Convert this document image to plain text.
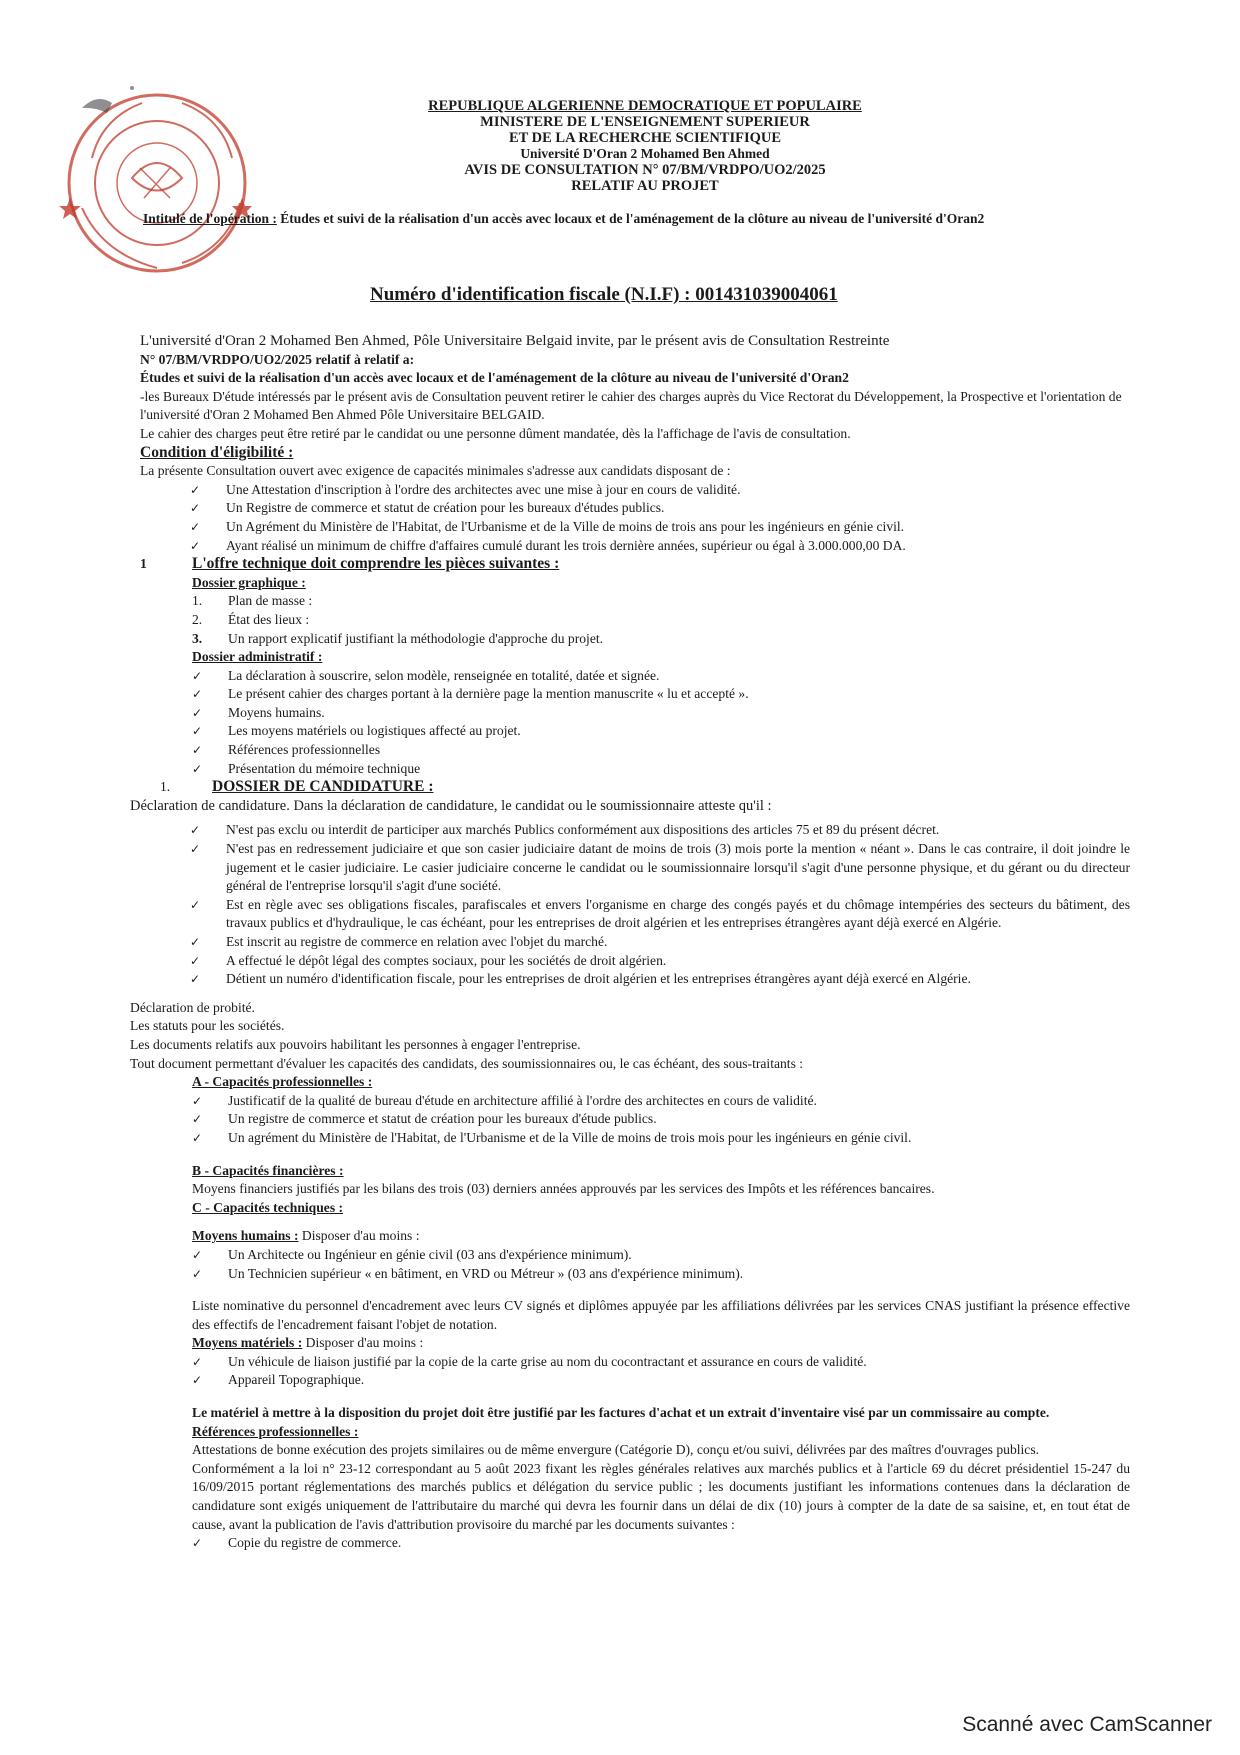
REPUBLIQUE ALGERIENNE DEMOCRATIQUE ET POPULAIRE
MINISTERE DE L'ENSEIGNEMENT SUPERIEUR
ET DE LA RECHERCHE SCIENTIFIQUE
Université D'Oran 2 Mohamed Ben Ahmed
AVIS DE CONSULTATION N° 07/BM/VRDPO/UO2/2025
RELATIF AU PROJET
Intitulé de l'opération : Études et suivi de la réalisation d'un accès avec locaux et de l'aménagement de la clôture au niveau de l'université d'Oran2
Numéro d'identification fiscale (N.I.F) : 001431039004061

L'université d'Oran 2 Mohamed Ben Ahmed, Pôle Universitaire Belgaid invite, par le présent avis de Consultation Restreinte

N° 07/BM/VRDPO/UO2/2025 relatif à relatif a:

Études et suivi de la réalisation d'un accès avec locaux et de l'aménagement de la clôture au niveau de l'université d'Oran2

-les Bureaux D'étude intéressés par le présent avis de Consultation peuvent retirer le cahier des charges auprès du Vice Rectorat du Développement, la Prospective et l'orientation de l'université d'Oran 2 Mohamed Ben Ahmed Pôle Universitaire BELGAID.

Le cahier des charges peut être retiré par le candidat ou une personne dûment mandatée, dès la l'affichage de l'avis de consultation.

Condition d'éligibilité :

La présente Consultation ouvert avec exigence de capacités minimales s'adresse aux candidats disposant de :

✓	Une Attestation d'inscription à l'ordre des architectes avec une mise à jour en cours de validité.
✓	Un Registre de commerce et statut de création pour les bureaux d'études publics.
✓	Un Agrément du Ministère de l'Habitat, de l'Urbanisme et de la Ville de moins de trois ans pour les ingénieurs en génie civil.
✓	Ayant réalisé un minimum de chiffre d'affaires cumulé durant les trois dernière années, supérieur ou égal à 3.000.000,00 DA.
1	L'offre technique doit comprendre les pièces suivantes :

Dossier graphique :

1.	Plan de masse :
2.	État des lieux :
3.	Un rapport explicatif justifiant la méthodologie d'approche du projet.

Dossier administratif :

✓	La déclaration à souscrire, selon modèle, renseignée en totalité, datée et signée.
✓	Le présent cahier des charges portant à la dernière page la mention manuscrite « lu et accepté ».
✓	Moyens humains.
✓	Les moyens matériels ou logistiques affecté au projet.
✓	Références professionnelles
✓	Présentation du mémoire technique
1.	DOSSIER DE CANDIDATURE :

Déclaration de candidature. Dans la déclaration de candidature, le candidat ou le soumissionnaire atteste qu'il :

✓	N'est pas exclu ou interdit de participer aux marchés Publics conformément aux dispositions des articles 75 et 89 du présent décret.
✓	N'est pas en redressement judiciaire et que son casier judiciaire datant de moins de trois (3) mois porte la mention « néant ». Dans le cas contraire, il doit joindre le jugement et le casier judiciaire. Le casier judiciaire concerne le candidat ou le soumissionnaire lorsqu'il s'agit d'une personne physique, et du gérant ou du directeur général de l'entreprise lorsqu'il s'agit d'une société.
✓	Est en règle avec ses obligations fiscales, parafiscales et envers l'organisme en charge des congés payés et du chômage intempéries des secteurs du bâtiment, des travaux publics et d'hydraulique, le cas échéant, pour les entreprises de droit algérien et les entreprises étrangères ayant déjà exercé en Algérie.
✓	Est inscrit au registre de commerce en relation avec l'objet du marché.
✓	A effectué le dépôt légal des comptes sociaux, pour les sociétés de droit algérien.
✓	Détient un numéro d'identification fiscale, pour les entreprises de droit algérien et les entreprises étrangères ayant déjà exercé en Algérie.

Déclaration de probité.

Les statuts pour les sociétés.

Les documents relatifs aux pouvoirs habilitant les personnes à engager l'entreprise.

Tout document permettant d'évaluer les capacités des candidats, des soumissionnaires ou, le cas échéant, des sous-traitants :

A - Capacités professionnelles :

✓	Justificatif de la qualité de bureau d'étude en architecture affilié à l'ordre des architectes en cours de validité.
✓	Un registre de commerce et statut de création pour les bureaux d'étude publics.
✓	Un agrément du Ministère de l'Habitat, de l'Urbanisme et de la Ville de moins de trois mois pour les ingénieurs en génie civil.

B - Capacités financières :

Moyens financiers justifiés par les bilans des trois (03) derniers années approuvés par les services des Impôts et les références bancaires.

C - Capacités techniques :

Moyens humains : Disposer d'au moins :

✓	Un Architecte ou Ingénieur en génie civil (03 ans d'expérience minimum).
✓	Un Technicien supérieur « en bâtiment, en VRD ou Métreur » (03 ans d'expérience minimum).

Liste nominative du personnel d'encadrement avec leurs CV signés et diplômes appuyée par les affiliations délivrées par les services CNAS justifiant la présence effective des effectifs de l'encadrement faisant l'objet de notation.

Moyens matériels : Disposer d'au moins :

✓	Un véhicule de liaison justifié par la copie de la carte grise au nom du cocontractant et assurance en cours de validité.
✓	Appareil Topographique.

Le matériel à mettre à la disposition du projet doit être justifié par les factures d'achat et un extrait d'inventaire visé par un commissaire au compte.

Références professionnelles :

Attestations de bonne exécution des projets similaires ou de même envergure (Catégorie D), conçu et/ou suivi, délivrées par des maîtres d'ouvrages publics.

Conformément a la loi n° 23-12 correspondant au 5 août 2023 fixant les règles générales relatives aux marchés publics et à l'article 69 du décret présidentiel 15-247 du 16/09/2015 portant réglementations des marchés publics et délégation du service public ; les documents justifiant les informations contenues dans la déclaration de candidature sont exigés uniquement de l'attributaire du marché qui devra les fournir dans un délai de dix (10) jours à compter de la date de sa saisine, et, en tout état de cause, avant la publication de l'avis d'attribution provisoire du marché par les documents suivantes :

✓	Copie du registre de commerce.
Scanné avec CamScanner
